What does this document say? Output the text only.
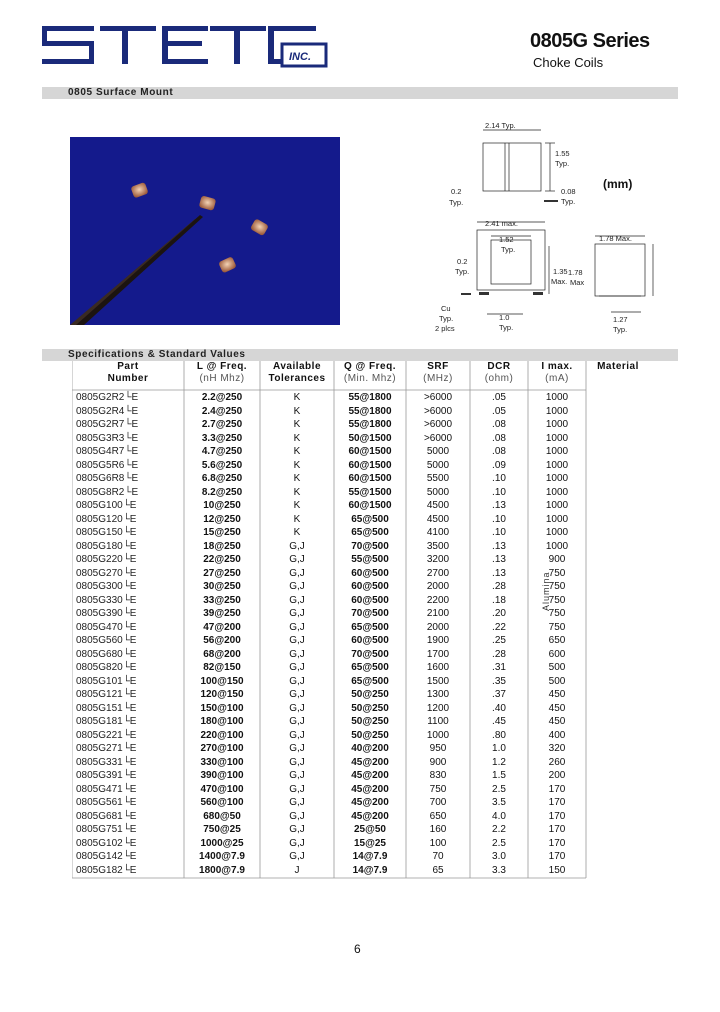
INC.
0805G Series
Choke Coils
0805 Surface Mount
2.14 Typ.
1.55
Typ.
0.2
Typ.
0.08
Typ.
2.41 max.
1.52
Typ.
0.2
Typ.	1.35
Max.
Cu
Typ.
2 plcs
1.0
Typ.
1.78 Max.
1.78
Max
1.27
Typ.
(mm)
Specifications & Standard Values
Part
Number
L @ Freq.
(nH Mhz)
Available
Tolerances
Q @ Freq.
(Min. Mhz)
SRF
(MHz)
DCR
(ohm)
I max.
(mA)
Material
0805G2R2└E	2.2@250	K	55@1800	>6000	.05	1000
0805G2R4└E	2.4@250	K	55@1800	>6000	.05	1000
0805G2R7└E	2.7@250	K	55@1800	>6000	.08	1000
0805G3R3└E	3.3@250	K	50@1500	>6000	.08	1000
0805G4R7└E	4.7@250	K	60@1500	5000	.08	1000
0805G5R6└E	5.6@250	K	60@1500	5000	.09	1000
0805G6R8└E	6.8@250	K	60@1500	5500	.10	1000
0805G8R2└E	8.2@250	K	55@1500	5000	.10	1000
0805G100└E	10@250	K	60@1500	4500	.13	1000
0805G120└E	12@250	K	65@500	4500	.10	1000
0805G150└E	15@250	K	65@500	4100	.10	1000
0805G180└E	18@250	G,J	70@500	3500	.13	1000
0805G220└E	22@250	G,J	55@500	3200	.13	900
0805G270└E	27@250	G,J	60@500	2700	.13	750
0805G300└E	30@250	G,J	60@500	2000	.28	750
0805G330└E	33@250	G,J	60@500	2200	.18	750
0805G390└E	39@250	G,J	70@500	2100	.20	750
0805G470└E	47@200	G,J	65@500	2000	.22	750
0805G560└E	56@200	G,J	60@500	1900	.25	650
0805G680└E	68@200	G,J	70@500	1700	.28	600
0805G820└E	82@150	G,J	65@500	1600	.31	500
0805G101└E	100@150	G,J	65@500	1500	.35	500
0805G121└E	120@150	G,J	50@250	1300	.37	450
0805G151└E	150@100	G,J	50@250	1200	.40	450
0805G181└E	180@100	G,J	50@250	1100	.45	450
0805G221└E	220@100	G,J	50@250	1000	.80	400
0805G271└E	270@100	G,J	40@200	950	1.0	320
0805G331└E	330@100	G,J	45@200	900	1.2	260
0805G391└E	390@100	G,J	45@200	830	1.5	200
0805G471└E	470@100	G,J	45@200	750	2.5	170
0805G561└E	560@100	G,J	45@200	700	3.5	170
0805G681└E	680@50	G,J	45@200	650	4.0	170
0805G751└E	750@25	G,J	25@50	160	2.2	170
0805G102└E	1000@25	G,J	15@25	100	2.5	170
0805G142└E	1400@7.9	G,J	14@7.9	70	3.0	170
0805G182└E	1800@7.9	J	14@7.9	65	3.3	150
Alumina
6
